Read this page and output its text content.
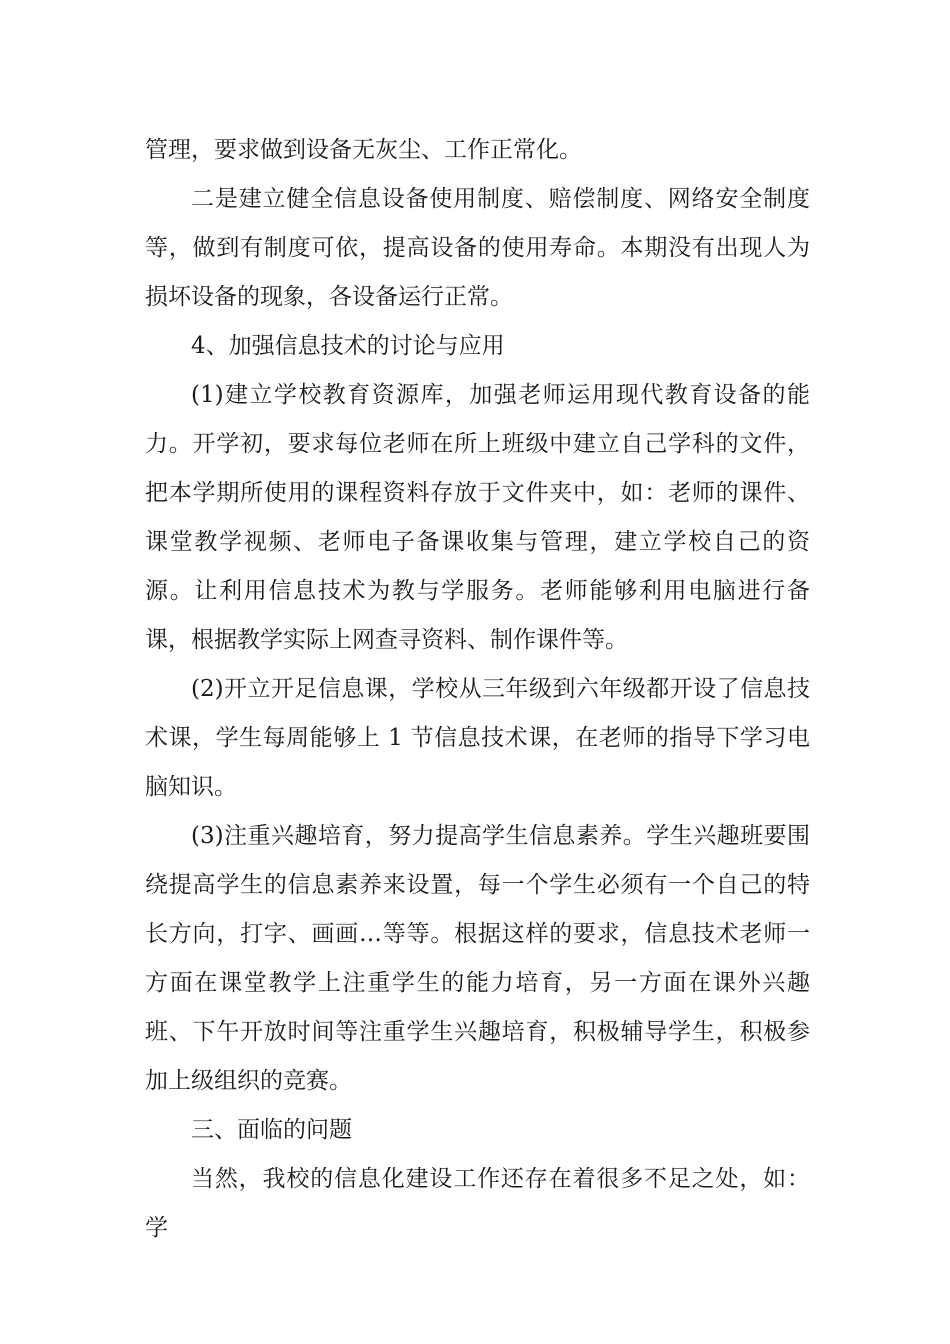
管理，要求做到设备无灰尘、工作正常化。

二是建立健全信息设备使用制度、赔偿制度、网络安全制度等，做到有制度可依，提高设备的使用寿命。本期没有出现人为损坏设备的现象，各设备运行正常。

4、加强信息技术的讨论与应用

(1)建立学校教育资源库，加强老师运用现代教育设备的能力。开学初，要求每位老师在所上班级中建立自己学科的文件，把本学期所使用的课程资料存放于文件夹中，如：老师的课件、课堂教学视频、老师电子备课收集与管理，建立学校自己的资源。让利用信息技术为教与学服务。老师能够利用电脑进行备课，根据教学实际上网查寻资料、制作课件等。

(2)开立开足信息课，学校从三年级到六年级都开设了信息技术课，学生每周能够上 1 节信息技术课，在老师的指导下学习电脑知识。

(3)注重兴趣培育，努力提高学生信息素养。学生兴趣班要围绕提高学生的信息素养来设置，每一个学生必须有一个自己的特长方向，打字、画画…等等。根据这样的要求，信息技术老师一方面在课堂教学上注重学生的能力培育，另一方面在课外兴趣班、下午开放时间等注重学生兴趣培育，积极辅导学生，积极参加上级组织的竞赛。

三、面临的问题

当然，我校的信息化建设工作还存在着很多不足之处，如：学
